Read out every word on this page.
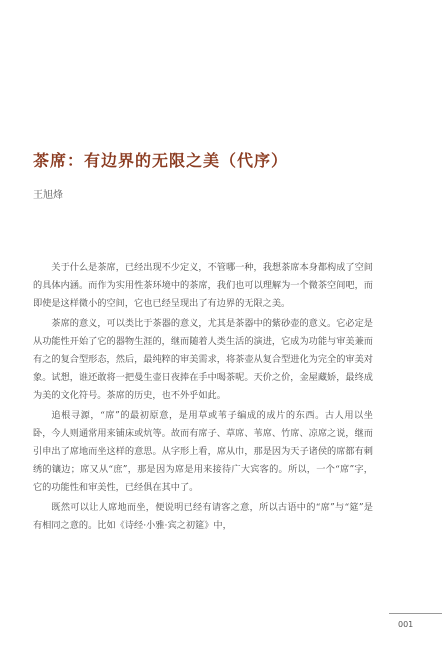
茶席：有边界的无限之美（代序）
王旭烽

关于什么是茶席，已经出现不少定义，不管哪一种，我想茶席本身都构成了空间的具体内涵。而作为实用性茶环境中的茶席，我们也可以理解为一个微茶空间吧，而即使是这样微小的空间，它也已经呈现出了有边界的无限之美。

茶席的意义，可以类比于茶器的意义，尤其是茶器中的紫砂壶的意义。它必定是从功能性开始了它的器物生涯的，继而随着人类生活的演进，它成为功能与审美兼而有之的复合型形态，然后，最纯粹的审美需求，将茶壶从复合型进化为完全的审美对象。试想，谁还敢将一把曼生壶日夜捧在手中喝茶呢。天价之价，金屋藏娇，最终成为美的文化符号。茶席的历史，也不外乎如此。

追根寻源，“席”的最初原意，是用草或苇子编成的成片的东西。古人用以坐卧，今人则通常用来铺床或炕等。故而有席子、草席、苇席、竹席、凉席之说，继而引申出了席地而坐这样的意思。从字形上看，席从巾，那是因为天子诸侯的席都有刺绣的镶边；席又从“庶”，那是因为席是用来接待广大宾客的。所以，一个“席”字，它的功能性和审美性，已经俱在其中了。

既然可以让人席地而坐，便说明已经有请客之意，所以古语中的“席”与“筵”是有相同之意的。比如《诗经·小雅·宾之初筵》中，

001
